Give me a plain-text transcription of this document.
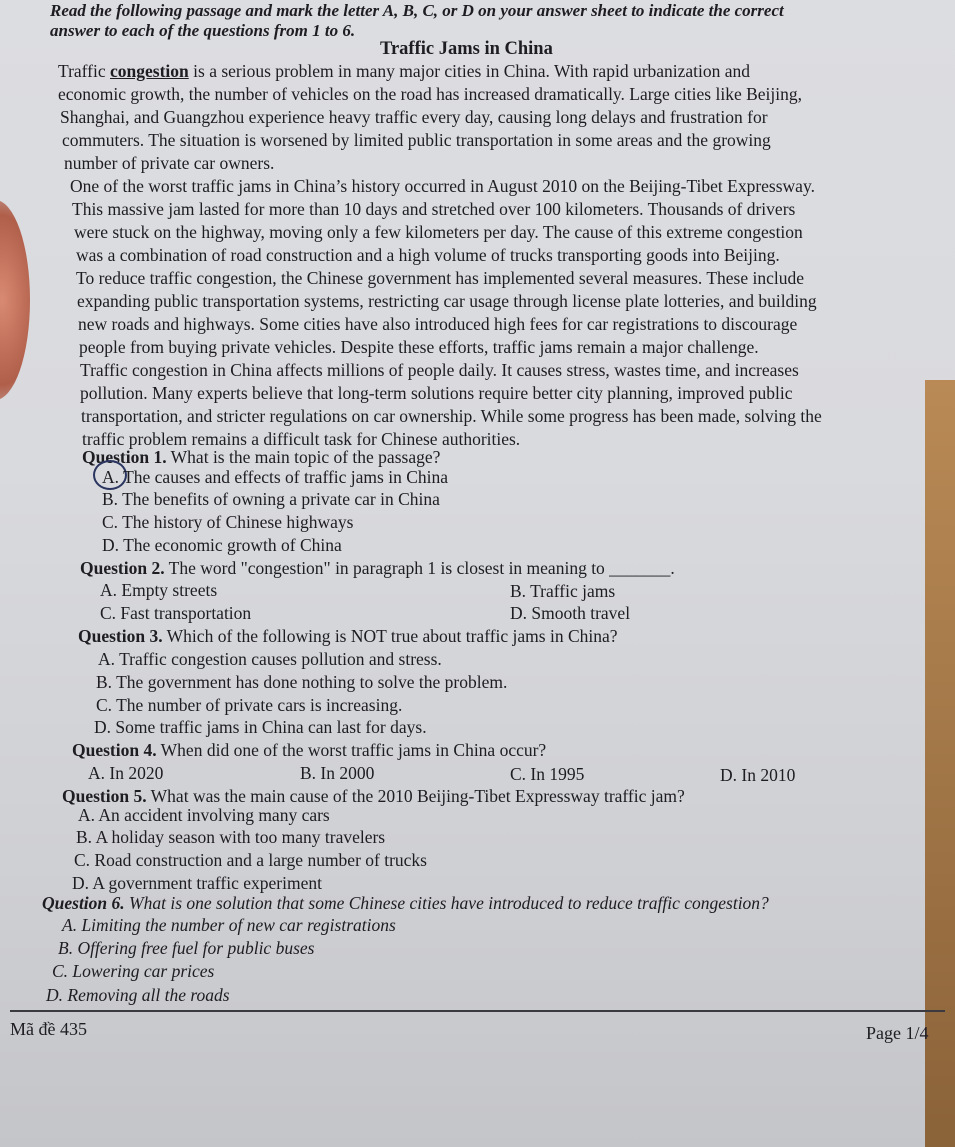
Read the following passage and mark the letter A, B, C, or D on your answer sheet to indicate the correct
answer to each of the questions from 1 to 6.
Traffic Jams in China
Traffic congestion is a serious problem in many major cities in China. With rapid urbanization and
economic growth, the number of vehicles on the road has increased dramatically. Large cities like Beijing,
Shanghai, and Guangzhou experience heavy traffic every day, causing long delays and frustration for
commuters. The situation is worsened by limited public transportation in some areas and the growing
number of private car owners.
One of the worst traffic jams in China’s history occurred in August 2010 on the Beijing-Tibet Expressway.
This massive jam lasted for more than 10 days and stretched over 100 kilometers. Thousands of drivers
were stuck on the highway, moving only a few kilometers per day. The cause of this extreme congestion
was a combination of road construction and a high volume of trucks transporting goods into Beijing.
To reduce traffic congestion, the Chinese government has implemented several measures. These include
expanding public transportation systems, restricting car usage through license plate lotteries, and building
new roads and highways. Some cities have also introduced high fees for car registrations to discourage
people from buying private vehicles. Despite these efforts, traffic jams remain a major challenge.
Traffic congestion in China affects millions of people daily. It causes stress, wastes time, and increases
pollution. Many experts believe that long-term solutions require better city planning, improved public
transportation, and stricter regulations on car ownership. While some progress has been made, solving the
traffic problem remains a difficult task for Chinese authorities.
Question 1. What is the main topic of the passage?
A. The causes and effects of traffic jams in China
B. The benefits of owning a private car in China
C. The history of Chinese highways
D. The economic growth of China
Question 2. The word "congestion" in paragraph 1 is closest in meaning to _______.
A. Empty streets	B. Traffic jams
C. Fast transportation	D. Smooth travel
Question 3. Which of the following is NOT true about traffic jams in China?
A. Traffic congestion causes pollution and stress.
B. The government has done nothing to solve the problem.
C. The number of private cars is increasing.
D. Some traffic jams in China can last for days.
Question 4. When did one of the worst traffic jams in China occur?
A. In 2020	B. In 2000	C. In 1995	D. In 2010
Question 5. What was the main cause of the 2010 Beijing-Tibet Expressway traffic jam?
A. An accident involving many cars
B. A holiday season with too many travelers
C. Road construction and a large number of trucks
D. A government traffic experiment
Question 6. What is one solution that some Chinese cities have introduced to reduce traffic congestion?
A. Limiting the number of new car registrations
B. Offering free fuel for public buses
C. Lowering car prices
D. Removing all the roads
Mã đề 435	Page 1/4
